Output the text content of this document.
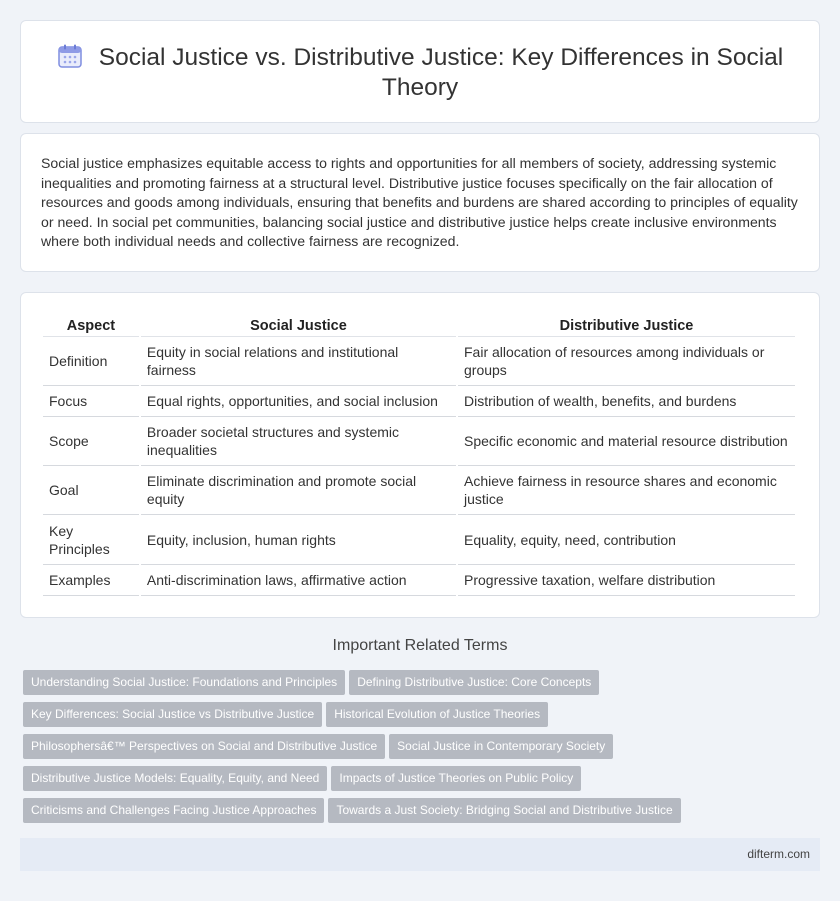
Social Justice vs. Distributive Justice: Key Differences in Social Theory

Social justice emphasizes equitable access to rights and opportunities for all members of society, addressing systemic inequalities and promoting fairness at a structural level. Distributive justice focuses specifically on the fair allocation of resources and goods among individuals, ensuring that benefits and burdens are shared according to principles of equality or need. In social pet communities, balancing social justice and distributive justice helps create inclusive environments where both individual needs and collective fairness are recognized.

Aspect	Social Justice	Distributive Justice
Definition	Equity in social relations and institutional fairness	Fair allocation of resources among individuals or groups
Focus	Equal rights, opportunities, and social inclusion	Distribution of wealth, benefits, and burdens
Scope	Broader societal structures and systemic inequalities	Specific economic and material resource distribution
Goal	Eliminate discrimination and promote social equity	Achieve fairness in resource shares and economic justice
Key Principles	Equity, inclusion, human rights	Equality, equity, need, contribution
Examples	Anti-discrimination laws, affirmative action	Progressive taxation, welfare distribution
Important Related Terms
Understanding Social Justice: Foundations and Principles Defining Distributive Justice: Core Concepts
Key Differences: Social Justice vs Distributive Justice Historical Evolution of Justice Theories
Philosophersâ€™ Perspectives on Social and Distributive Justice Social Justice in Contemporary Society
Distributive Justice Models: Equality, Equity, and Need Impacts of Justice Theories on Public Policy
Criticisms and Challenges Facing Justice Approaches Towards a Just Society: Bridging Social and Distributive Justice
difterm.com
